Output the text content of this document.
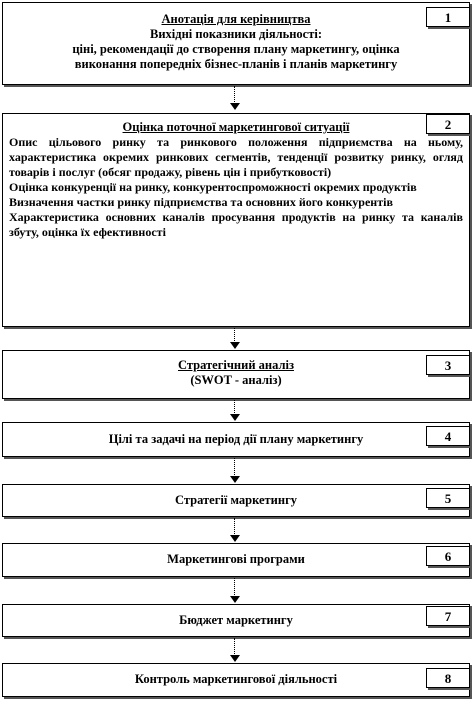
Анотація для керівництва
Вихідні показники діяльності:
ціні, рекомендації до створення плану маркетингу, оцінка
виконання попередніх бізнес-планів і планів маркетингу
1
Оцінка поточної маркетингової ситуації
Опис цільового ринку та ринкового положення підприємства на ньому, характеристика окремих ринкових сегментів, тенденції розвитку ринку, огляд товарів і послуг (обсяг продажу, рівень цін і прибутковості)
Оцінка конкуренції на ринку, конкурентоспроможності окремих продуктів
Визначення частки ринку підприємства та основних його конкурентів
Характеристика основних каналів просування продуктів на ринку та каналів збуту, оцінка їх ефективності
2
Стратегічний аналіз
(SWOT - аналіз)
3
Цілі та задачі на період дії плану маркетингу	4
Стратегії маркетингу	5
Маркетингові програми	6
Бюджет маркетингу	7
Контроль маркетингової діяльності	8
